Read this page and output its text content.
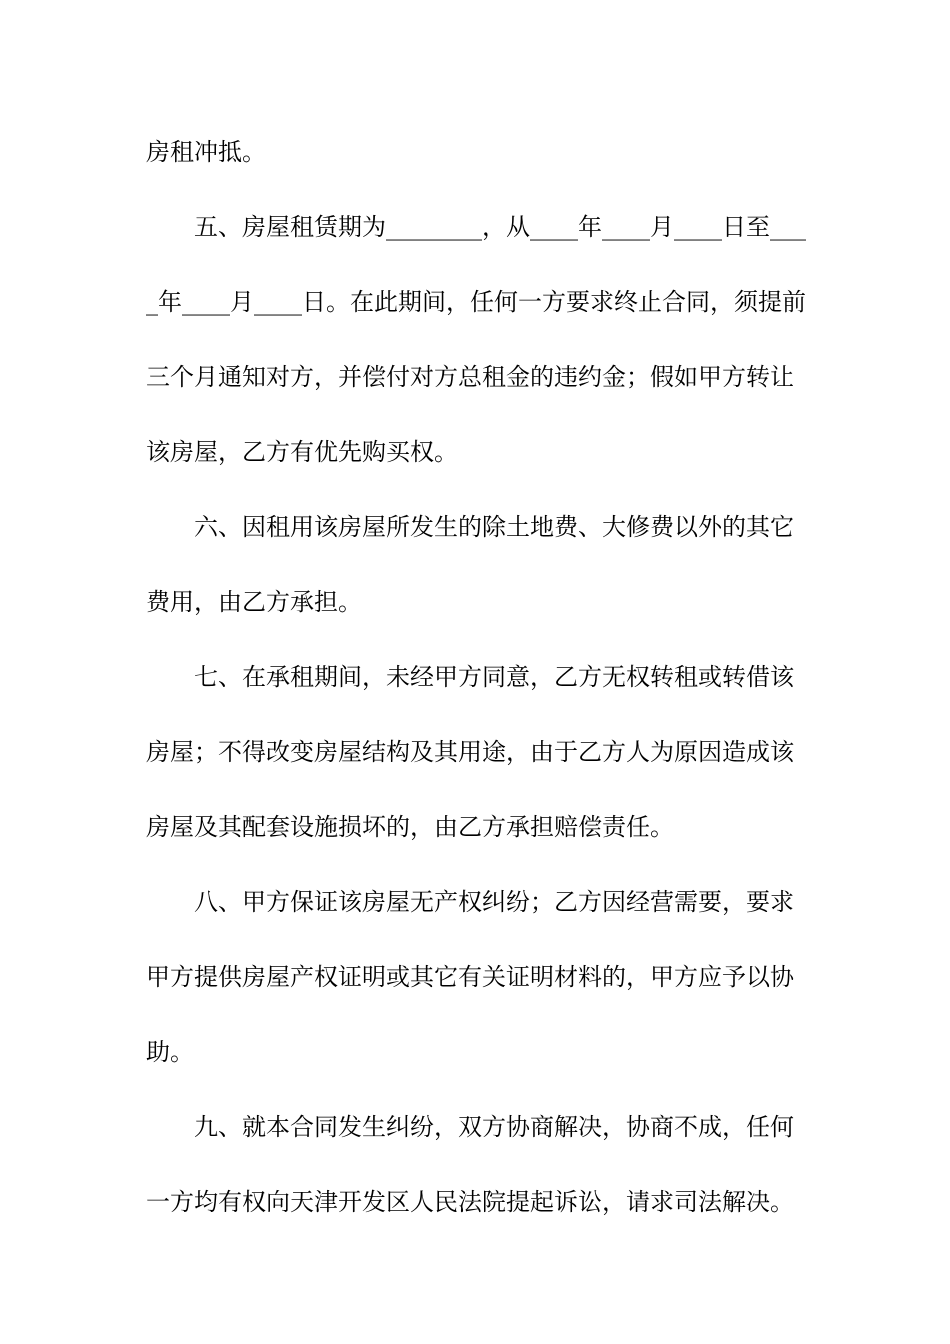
房租冲抵。
五、房屋租赁期为________，从____年____月____日至___
_年____月____日。在此期间，任何一方要求终止合同，须提前
三个月通知对方，并偿付对方总租金的违约金；假如甲方转让
该房屋，乙方有优先购买权。
六、因租用该房屋所发生的除土地费、大修费以外的其它
费用，由乙方承担。
七、在承租期间，未经甲方同意，乙方无权转租或转借该
房屋；不得改变房屋结构及其用途，由于乙方人为原因造成该
房屋及其配套设施损坏的，由乙方承担赔偿责任。
八、甲方保证该房屋无产权纠纷；乙方因经营需要，要求
甲方提供房屋产权证明或其它有关证明材料的，甲方应予以协
助。
九、就本合同发生纠纷，双方协商解决，协商不成，任何
一方均有权向天津开发区人民法院提起诉讼，请求司法解决。
